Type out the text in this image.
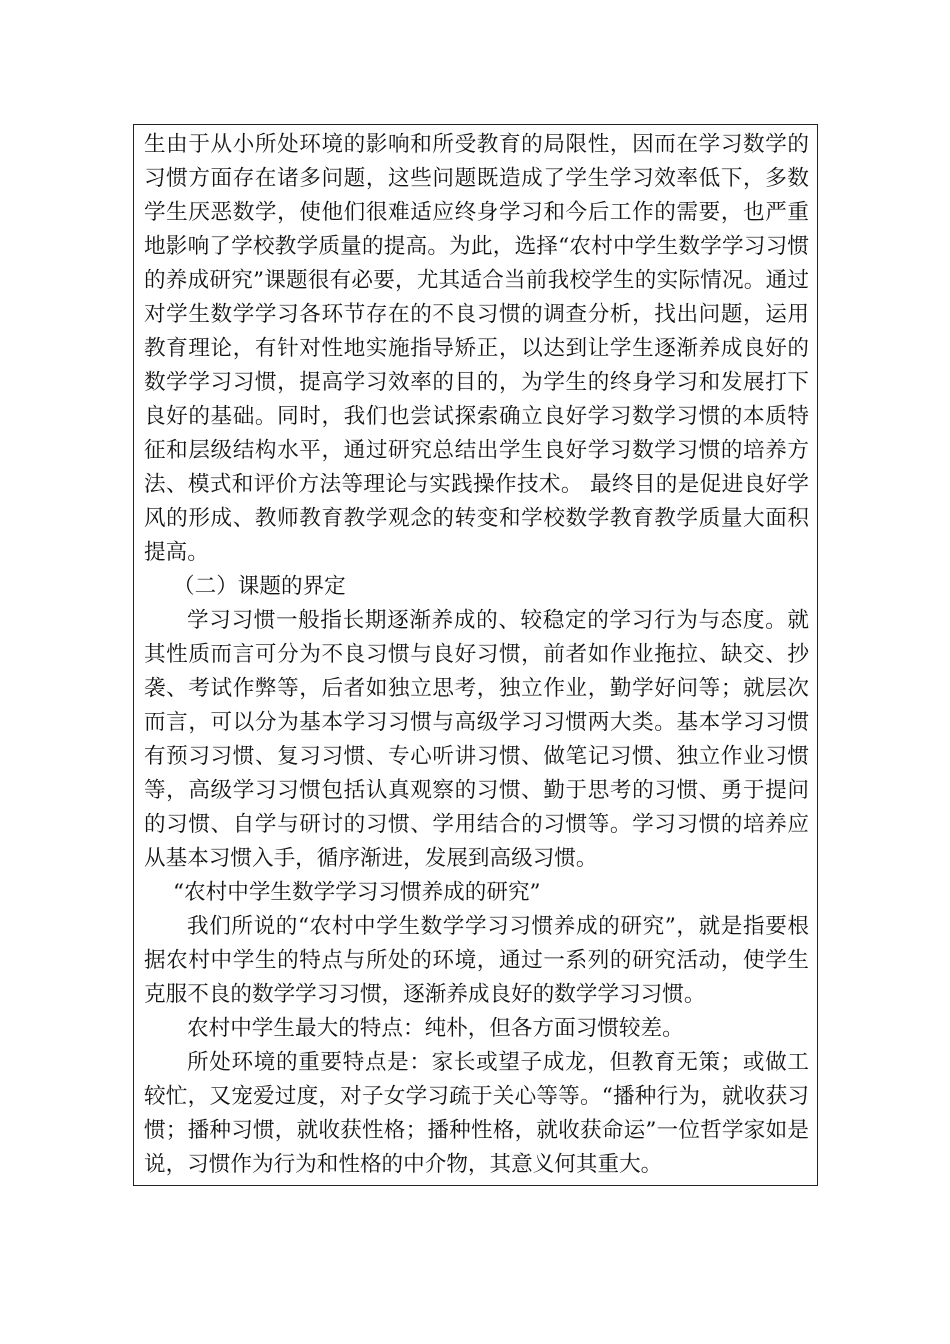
生由于从小所处环境的影响和所受教育的局限性，因而在学习数学的习惯方面存在诸多问题，这些问题既造成了学生学习效率低下，多数学生厌恶数学，使他们很难适应终身学习和今后工作的需要，也严重地影响了学校教学质量的提高。为此，选择“农村中学生数学学习习惯的养成研究”课题很有必要，尤其适合当前我校学生的实际情况。通过对学生数学学习各环节存在的不良习惯的调查分析，找出问题，运用教育理论，有针对性地实施指导矫正，以达到让学生逐渐养成良好的数学学习习惯，提高学习效率的目的，为学生的终身学习和发展打下良好的基础。同时，我们也尝试探索确立良好学习数学习惯的本质特征和层级结构水平，通过研究总结出学生良好学习数学习惯的培养方法、模式和评价方法等理论与实践操作技术。 最终目的是促进良好学风的形成、教师教育教学观念的转变和学校数学教育教学质量大面积提高。

（二）课题的界定

学习习惯一般指长期逐渐养成的、较稳定的学习行为与态度。就其性质而言可分为不良习惯与良好习惯，前者如作业拖拉、缺交、抄袭、考试作弊等，后者如独立思考，独立作业，勤学好问等；就层次而言，可以分为基本学习习惯与高级学习习惯两大类。基本学习习惯有预习习惯、复习习惯、专心听讲习惯、做笔记习惯、独立作业习惯等，高级学习习惯包括认真观察的习惯、勤于思考的习惯、勇于提问的习惯、自学与研讨的习惯、学用结合的习惯等。学习习惯的培养应从基本习惯入手，循序渐进，发展到高级习惯。

“农村中学生数学学习习惯养成的研究”

我们所说的“农村中学生数学学习习惯养成的研究”，就是指要根据农村中学生的特点与所处的环境，通过一系列的研究活动，使学生克服不良的数学学习习惯，逐渐养成良好的数学学习习惯。

农村中学生最大的特点：纯朴，但各方面习惯较差。

所处环境的重要特点是：家长或望子成龙，但教育无策；或做工较忙，又宠爱过度，对子女学习疏于关心等等。“播种行为，就收获习惯；播种习惯，就收获性格；播种性格，就收获命运”一位哲学家如是说，习惯作为行为和性格的中介物，其意义何其重大。
